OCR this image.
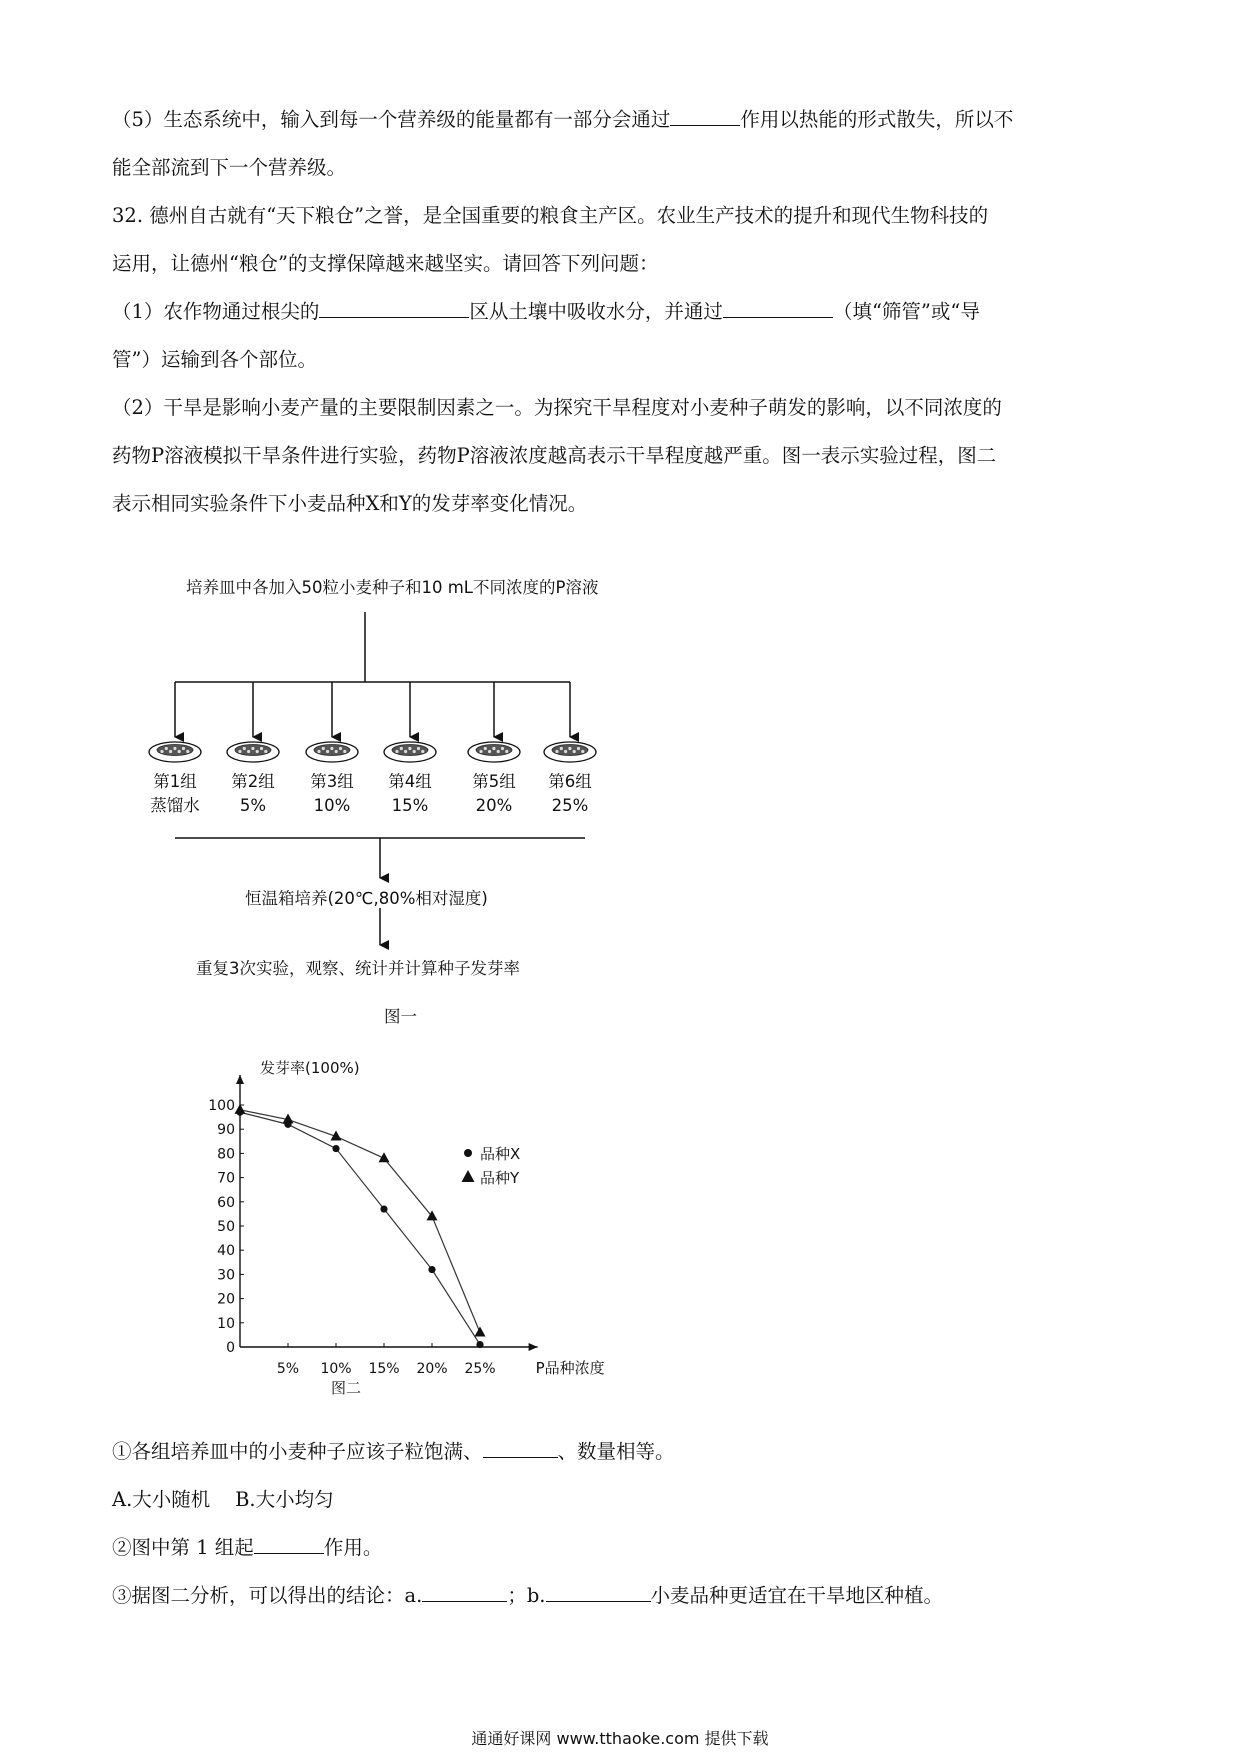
（5）生态系统中，输入到每一个营养级的能量都有一部分会通过	作用以热能的形式散失，所以不

能全部流到下一个营养级。

32. 德州自古就有“天下粮仓”之誉，是全国重要的粮食主产区。农业生产技术的提升和现代生物科技的

运用，让德州“粮仓”的支撑保障越来越坚实。请回答下列问题：

（1）农作物通过根尖的	区从土壤中吸收水分，并通过	（填“筛管”或“导

管”）运输到各个部位。

（2）干旱是影响小麦产量的主要限制因素之一。为探究干旱程度对小麦种子萌发的影响，以不同浓度的

药物P溶液模拟干旱条件进行实验，药物P溶液浓度越高表示干旱程度越严重。图一表示实验过程，图二

表示相同实验条件下小麦品种X和Y的发芽率变化情况。

培养皿中各加入50粒小麦种子和10 mL不同浓度的P溶液
第1组
蒸馏水
第2组
5%
第3组
10%
第4组
15%
第5组
20%
第6组
25%
恒温箱培养(20℃,80%相对湿度)
重复3次实验，观察、统计并计算种子发芽率
图一
0
10
20
30
40
50
60
70
80
90
100
5% 10% 15% 20% 25%
发芽率(100%)
P品种浓度
图二
品种X
品种Y

①各组培养皿中的小麦种子应该子粒饱满、	、数量相等。

A.大小随机    B.大小均匀

②图中第 1 组起	作用。

③据图二分析，可以得出的结论：a.	；b.	小麦品种更适宜在干旱地区种植。

通通好课网 www.tthaoke.com 提供下载
